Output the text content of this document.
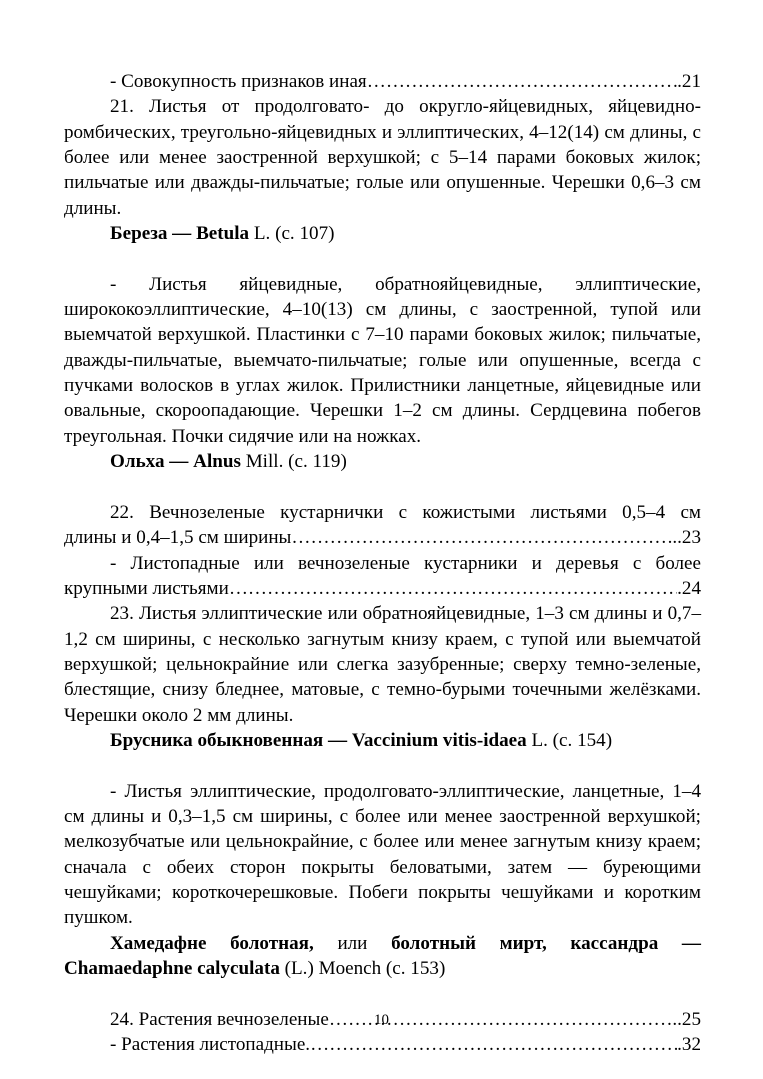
- Совокупность признаков иная ……………………………………………………………………………………………………………………	.21

21. Листья от продолговато- до округло-яйцевидных, яйцевидно-ромбических, треугольно-яйцевидных и эллиптических, 4–12(14) см длины, с более или менее заостренной верхушкой; с 5–14 парами боковых жилок; пильчатые или дважды-пильчатые; голые или опушенные. Черешки 0,6–3 см длины.

Береза — Betula L. (с. 107)

- Листья яйцевидные, обратнояйцевидные, эллиптические, ширококоэллиптические, 4–10(13) см длины, с заостренной, тупой или выемчатой верхушкой. Пластинки с 7–10 парами боковых жилок; пильчатые, дважды-пильчатые, выемчато-пильчатые; голые или опушенные, всегда с пучками волосков в углах жилок. Прилистники ланцетные, яйцевидные или овальные, скороопадающие. Черешки 1–2 см длины. Сердцевина побегов треугольная. Почки сидячие или на ножках.

Ольха — Alnus Mill. (с. 119)

22. Вечнозеленые кустарнички с кожистыми листьями 0,5–4 см

длины и 0,4–1,5 см ширины ……………………………………………………………………………………………………………………	...23

- Листопадные или вечнозеленые кустарники и деревья с более

крупными листьями ……………………………………………………………………………………………………………………	.24

23. Листья эллиптические или обратнояйцевидные, 1–3 см длины и 0,7–1,2 см ширины, с несколько загнутым книзу краем, с тупой или выемчатой верхушкой; цельнокрайние или слегка зазубренные; сверху темно-зеленые, блестящие, снизу бледнее, матовые, с темно-бурыми точечными желёзками. Черешки около 2 мм длины.

Брусника обыкновенная — Vaccinium vitis-idaea L. (с. 154)

- Листья эллиптические, продолговато-эллиптические, ланцетные, 1–4 см длины и 0,3–1,5 см ширины, с более или менее заостренной верхушкой; мелкозубчатые или цельнокрайние, с более или менее загнутым книзу краем; сначала с обеих сторон покрыты беловатыми, затем — буреющими чешуйками; короткочерешковые. Побеги покрыты чешуйками и коротким пушком.

Хамедафне болотная, или болотный мирт, кассандра — Chamaedaphne calyculata (L.) Moench (с. 153)

24. Растения вечнозеленые ……………………………………………………………………………………………………………………	..25
- Растения листопадные. ……………………………………………………………………………………………………………………	.32
10
